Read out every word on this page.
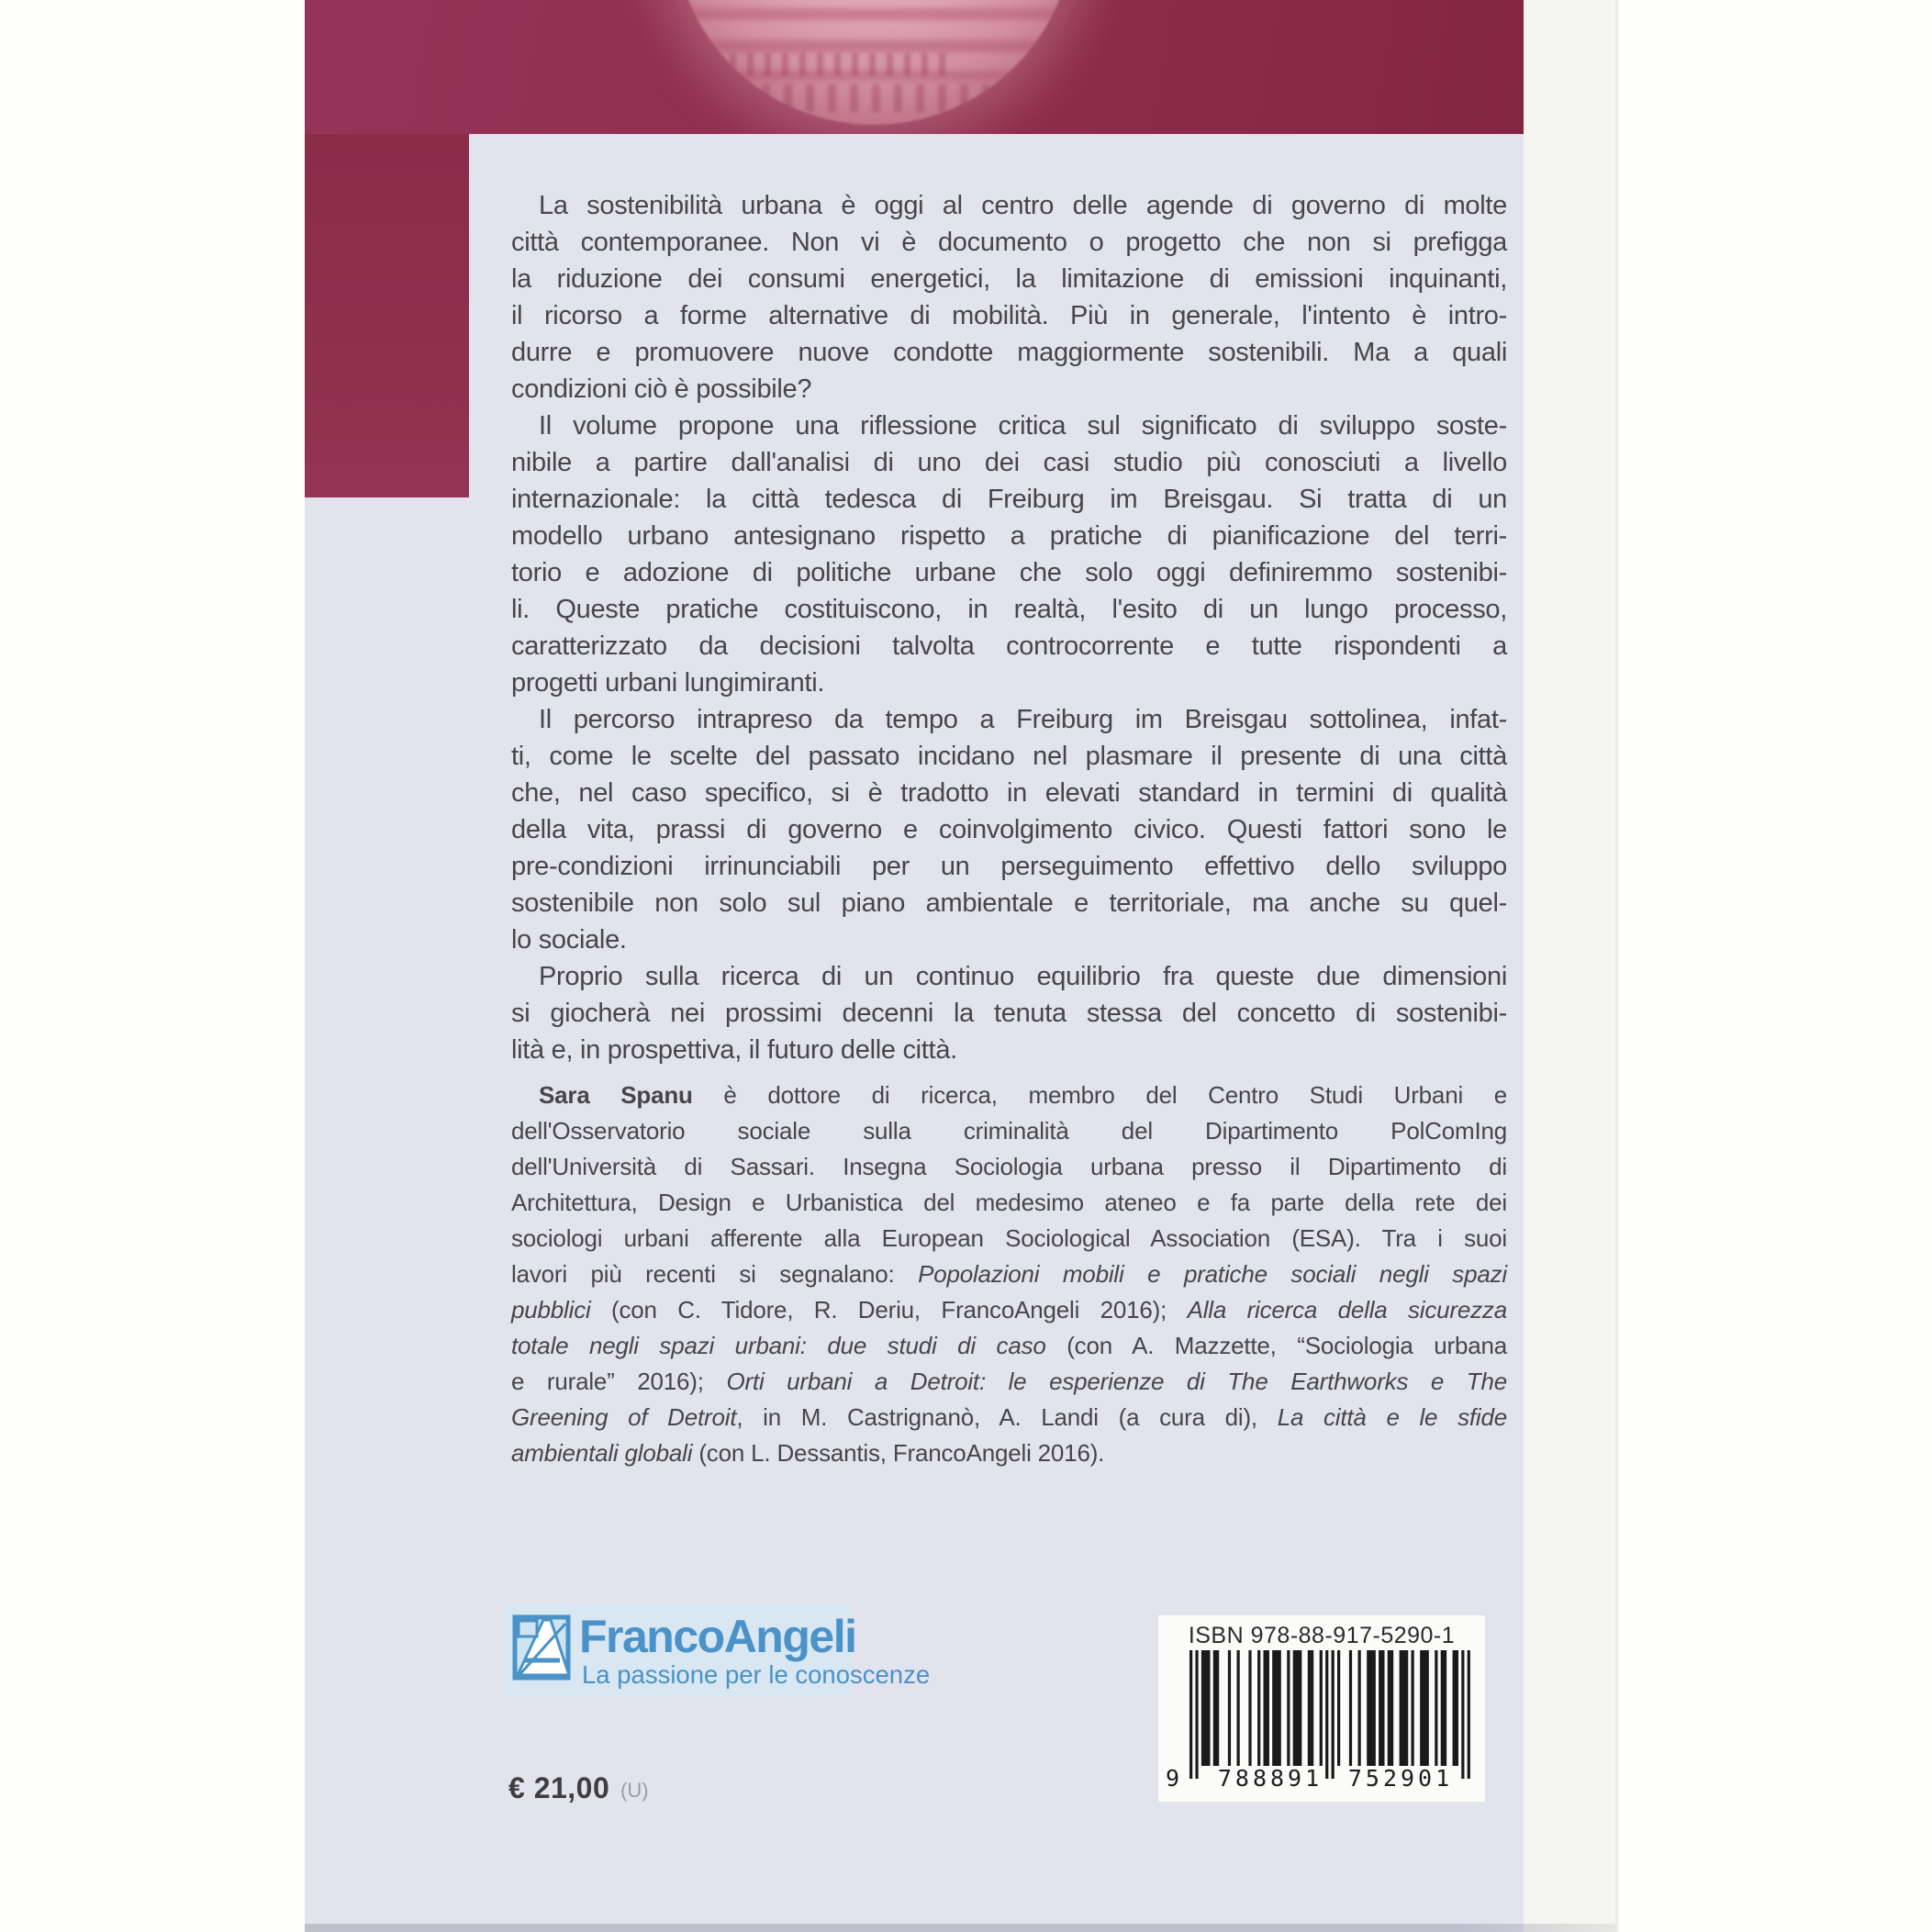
La sostenibilità urbana è oggi al centro delle agende di governo di molte
città contemporanee. Non vi è documento o progetto che non si prefigga
la riduzione dei consumi energetici, la limitazione di emissioni inquinanti,
il ricorso a forme alternative di mobilità. Più in generale, l'intento è intro-
durre e promuovere nuove condotte maggiormente sostenibili. Ma a quali
condizioni ciò è possibile?
Il volume propone una riflessione critica sul significato di sviluppo soste-
nibile a partire dall'analisi di uno dei casi studio più conosciuti a livello
internazionale: la città tedesca di Freiburg im Breisgau. Si tratta di un
modello urbano antesignano rispetto a pratiche di pianificazione del terri-
torio e adozione di politiche urbane che solo oggi definiremmo sostenibi-
li. Queste pratiche costituiscono, in realtà, l'esito di un lungo processo,
caratterizzato da decisioni talvolta controcorrente e tutte rispondenti a
progetti urbani lungimiranti.
Il percorso intrapreso da tempo a Freiburg im Breisgau sottolinea, infat-
ti, come le scelte del passato incidano nel plasmare il presente di una città
che, nel caso specifico, si è tradotto in elevati standard in termini di qualità
della vita, prassi di governo e coinvolgimento civico. Questi fattori sono le
pre-condizioni irrinunciabili per un perseguimento effettivo dello sviluppo
sostenibile non solo sul piano ambientale e territoriale, ma anche su quel-
lo sociale.
Proprio sulla ricerca di un continuo equilibrio fra queste due dimensioni
si giocherà nei prossimi decenni la tenuta stessa del concetto di sostenibi-
lità e, in prospettiva, il futuro delle città.
Sara Spanu è dottore di ricerca, membro del Centro Studi Urbani e
dell'Osservatorio sociale sulla criminalità del Dipartimento PolComIng
dell'Università di Sassari. Insegna Sociologia urbana presso il Dipartimento di
Architettura, Design e Urbanistica del medesimo ateneo e fa parte della rete dei
sociologi urbani afferente alla European Sociological Association (ESA). Tra i suoi
lavori più recenti si segnalano: Popolazioni mobili e pratiche sociali negli spazi
pubblici (con C. Tidore, R. Deriu, FrancoAngeli 2016); Alla ricerca della sicurezza
totale negli spazi urbani: due studi di caso (con A. Mazzette, “Sociologia urbana
e rurale” 2016); Orti urbani a Detroit: le esperienze di The Earthworks e The
Greening of Detroit, in M. Castrignanò, A. Landi (a cura di), La città e le sfide
ambientali globali (con L. Dessantis, FrancoAngeli 2016).
FrancoAngeli
La passione per le conoscenze
€ 21,00 (U)
ISBN 978-88-917-5290-1
9	788891	752901
